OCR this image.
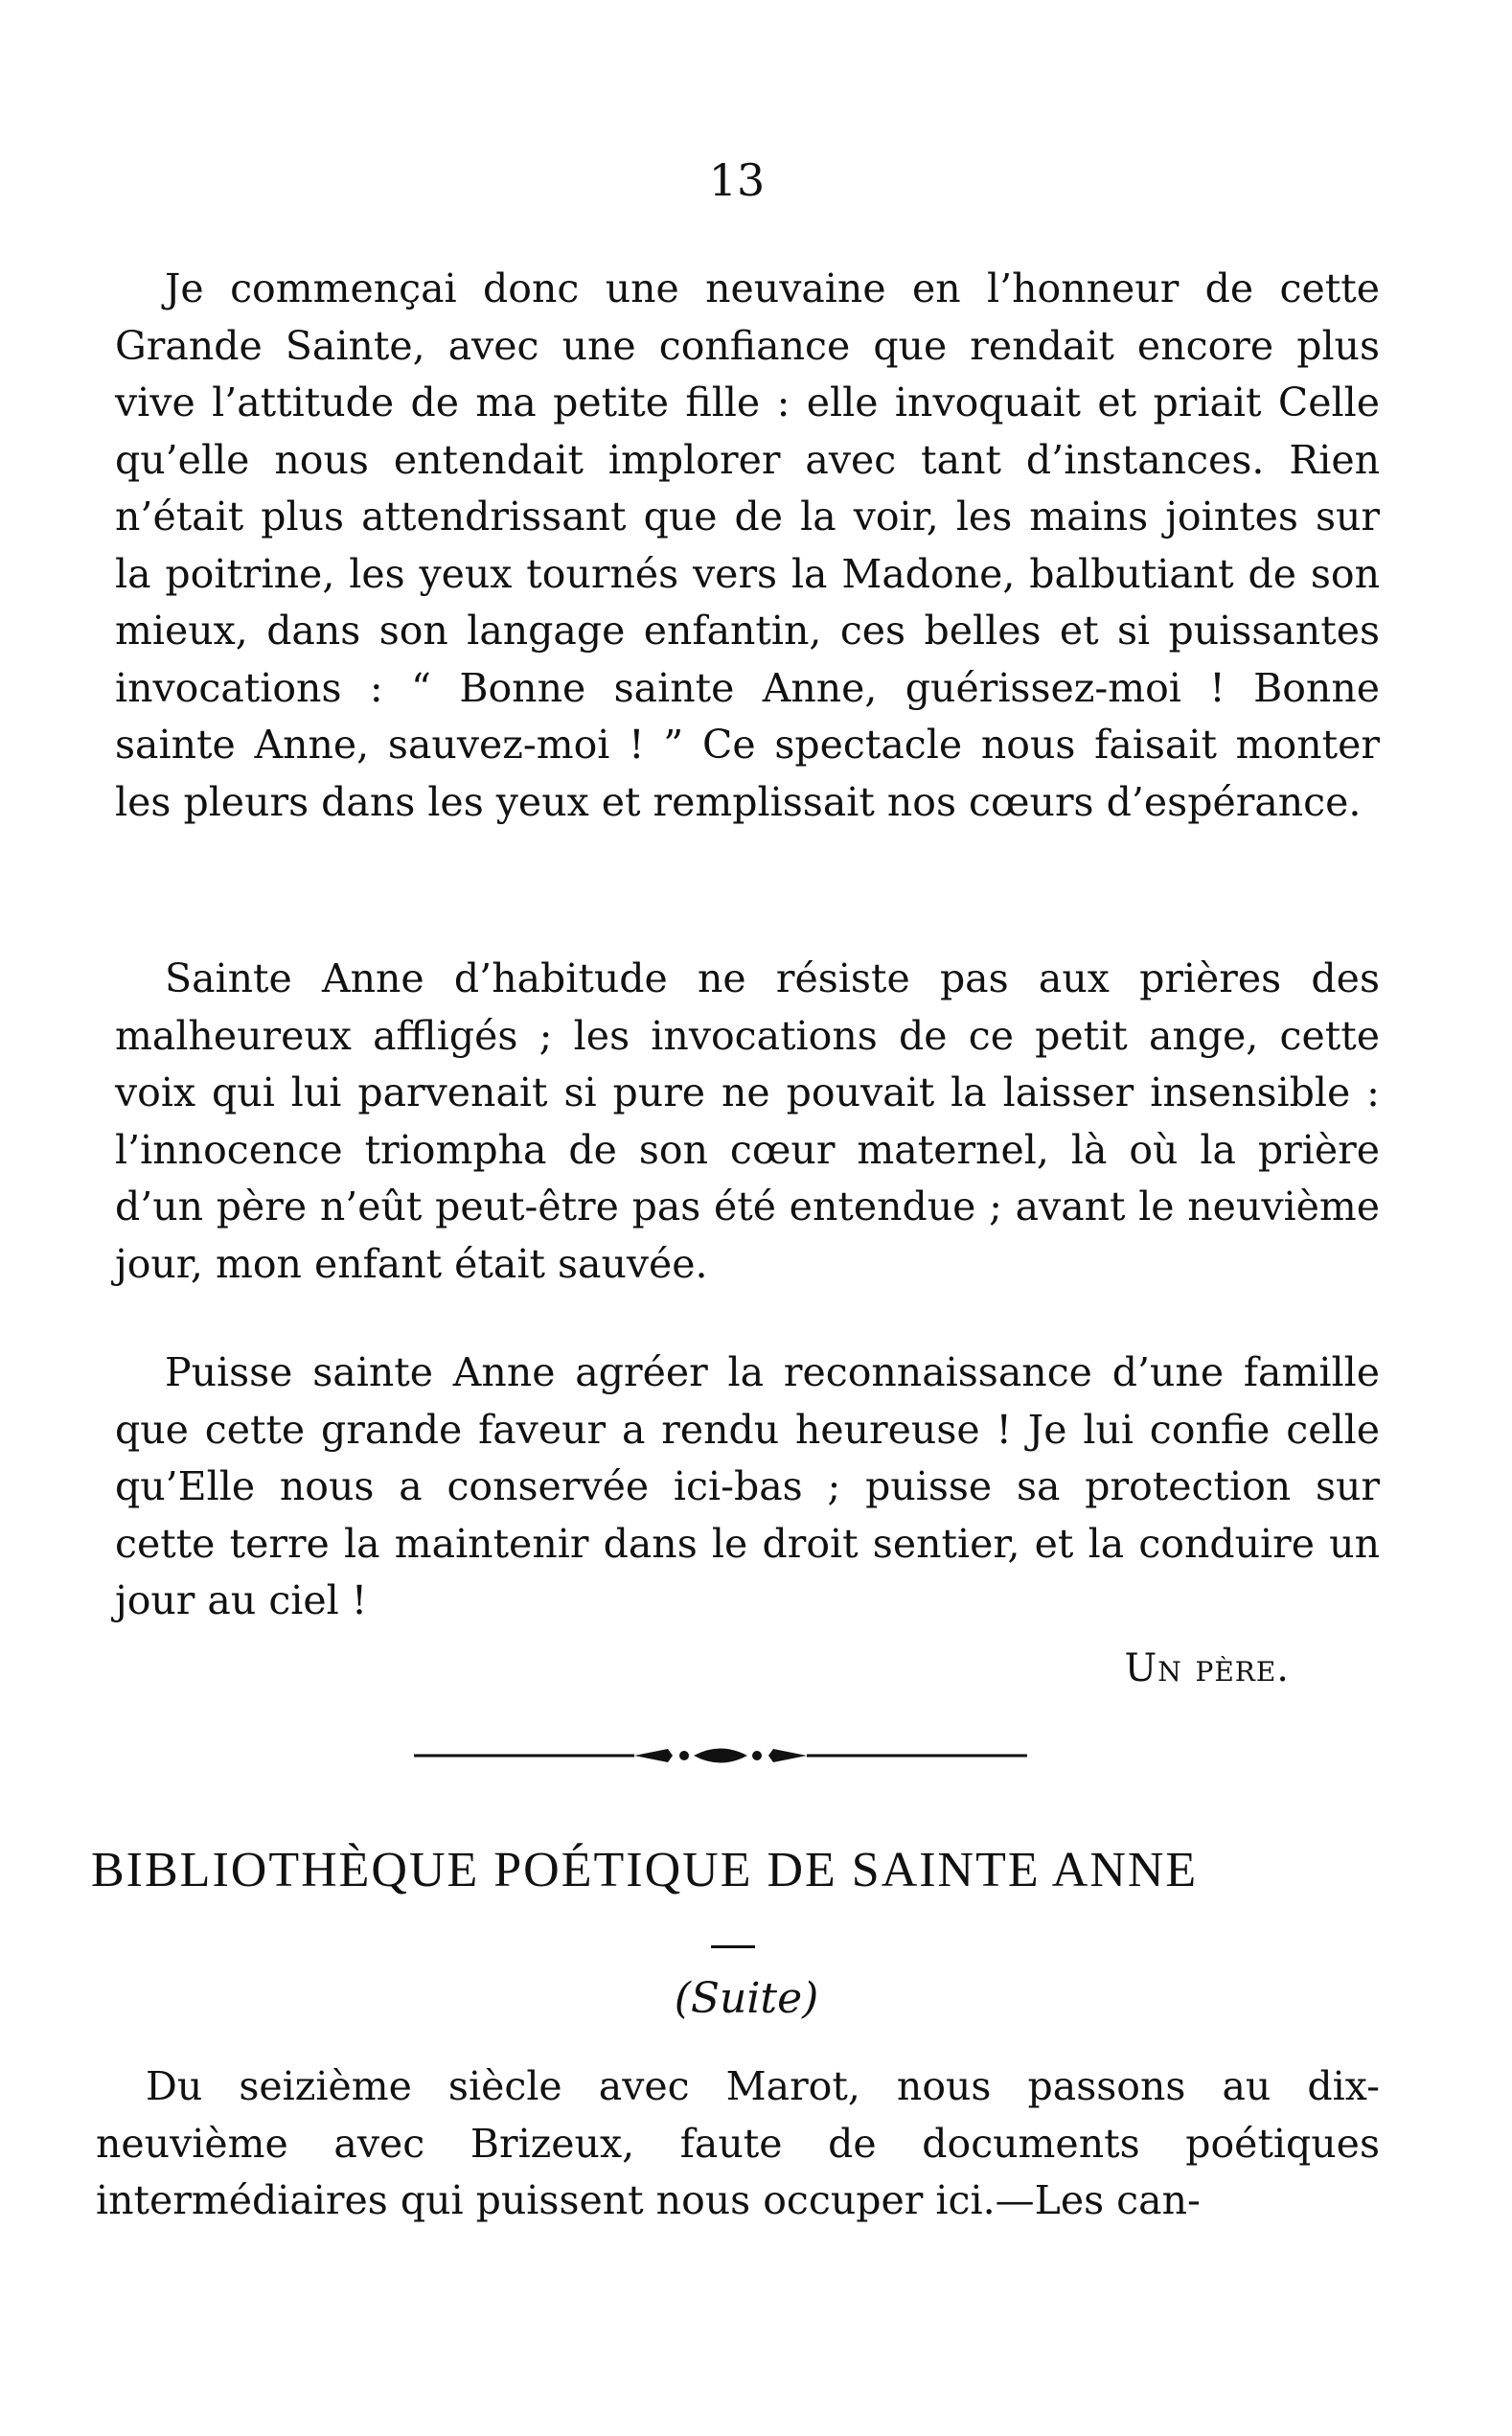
13

Je commençai donc une neuvaine en l’honneur de cette Grande Sainte, avec une confiance que rendait encore plus vive l’attitude de ma petite fille : elle invoquait et priait Celle qu’elle nous entendait implorer avec tant d’instances. Rien n’était plus attendrissant que de la voir, les mains jointes sur la poitrine, les yeux tournés vers la Madone, balbutiant de son mieux, dans son langage enfantin, ces belles et si puissantes invocations : “ Bonne sainte Anne, guérissez-moi ! Bonne sainte Anne, sauvez-moi ! ” Ce spectacle nous faisait monter les pleurs dans les yeux et remplissait nos cœurs d’espérance.

Sainte Anne d’habitude ne résiste pas aux prières des malheureux affligés ; les invocations de ce petit ange, cette voix qui lui parvenait si pure ne pouvait la laisser insensible : l’innocence triompha de son cœur maternel, là où la prière d’un père n’eût peut-être pas été entendue ; avant le neuvième jour, mon enfant était sauvée.

Puisse sainte Anne agréer la reconnaissance d’une famille que cette grande faveur a rendu heureuse ! Je lui confie celle qu’Elle nous a conservée ici-bas ; puisse sa protection sur cette terre la maintenir dans le droit sentier, et la conduire un jour au ciel !

Un père.
BIBLIOTHÈQUE POÉTIQUE DE SAINTE ANNE
(Suite)

Du seizième siècle avec Marot, nous passons au dix-neuvième avec Brizeux, faute de documents poétiques intermédiaires qui puissent nous occuper ici.—Les can-
